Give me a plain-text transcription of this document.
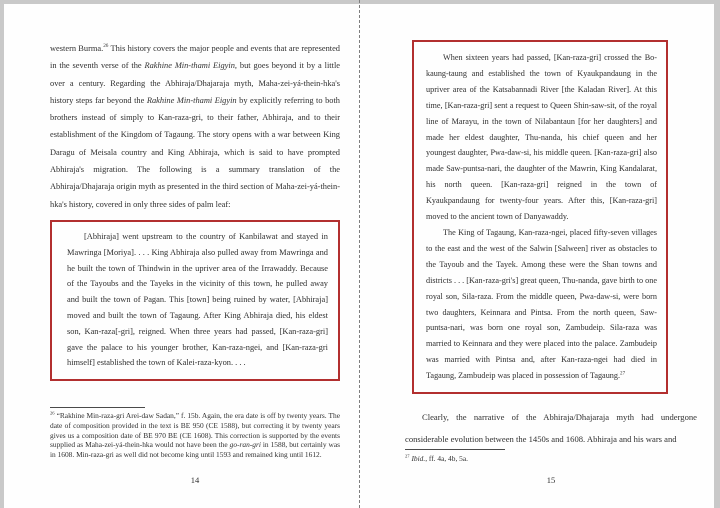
western Burma.$^{26}$ This history covers the major people and events that are represented in the seventh verse of the Rakhine Min-thami Eigyin, but goes beyond it by a little over a century. Regarding the Abhiraja/Dhajaraja myth, Maha-zei-yá-thein-hka's history steps far beyond the Rakhine Min-thami Eigyin by explicitly referring to both brothers instead of simply to Kan-raza-gri, to their father, Abhiraja, and to their establishment of the Kingdom of Tagaung. The story opens with a war between King Daragu of Meisala country and King Abhiraja, which is said to have prompted Abhiraja's migration. The following is a summary translation of the Abhiraja/Dhajaraja origin myth as presented in the third section of Maha-zei-yá-thein-hka's history, covered in only three sides of palm leaf:
[Abhiraja] went upstream to the country of Kanbilawat and stayed in Mawringa [Moriya]. . . . King Abhiraja also pulled away from Mawringa and he built the town of Thindwin in the upriver area of the Irrawaddy. Because of the Tayoubs and the Tayeks in the vicinity of this town, he pulled away and built the town of Pagan. This [town] being ruined by water, [Abhiraja] moved and built the town of Tagaung. After King Abhiraja died, his eldest son, Kan-raza[-gri], reigned. When three years had passed, [Kan-raza-gri] gave the palace to his younger brother, Kan-raza-ngei, and [Kan-raza-gri himself] established the town of Kalei-raza-kyon. . . .
$^{26}$ “Rakhine Min-raza-gri Arei-daw Sadan,” f. 15b. Again, the era date is off by twenty years. The date of composition provided in the text is BE 950 (CE 1588), but correcting it by twenty years gives us a composition date of BE 970 BE (CE 1608). This correction is supported by the events supplied as Maha-zei-yá-thein-hka would not have been the go-ran-gri in 1588, but certainly was in 1608. Min-raza-gri as well did not become king until 1593 and remained king until 1612.
14
When sixteen years had passed, [Kan-raza-gri] crossed the Bo-kaung-taung and established the town of Kyaukpandaung in the upriver area of the Katsabannadi River [the Kaladan River]. At this time, [Kan-raza-gri] sent a request to Queen Shin-saw-sit, of the royal line of Marayu, in the town of Nilabantaun [for her daughters] and made her eldest daughter, Thu-nanda, his chief queen and her youngest daughter, Pwa-daw-si, his middle queen. [Kan-raza-gri] also made Saw-puntsa-nari, the daughter of the Mawrin, King Kandalarat, his north queen. [Kan-raza-gri] reigned in the town of Kyaukpandaung for twenty-four years. After this, [Kan-raza-gri] moved to the ancient town of Danyawaddy.
The King of Tagaung, Kan-raza-ngei, placed fifty-seven villages to the east and the west of the Salwin [Salween] river as obstacles to the Tayoub and the Tayek. Among these were the Shan towns and districts . . . [Kan-raza-gri's] great queen, Thu-nanda, gave birth to one royal son, Sila-raza. From the middle queen, Pwa-daw-si, were born two daughters, Keinnara and Pintsa. From the north queen, Saw-puntsa-nari, was born one royal son, Zambudeip. Sila-raza was married to Keinnara and they were placed into the palace. Zambudeip was married with Pintsa and, after Kan-raza-ngei had died in Tagaung, Zambudeip was placed in possession of Tagaung.$^{27}$
Clearly, the narrative of the Abhiraja/Dhajaraja myth had undergone considerable evolution between the 1450s and 1608. Abhiraja and his wars and
$^{27}$ Ibid., ff. 4a, 4b, 5a.
15
